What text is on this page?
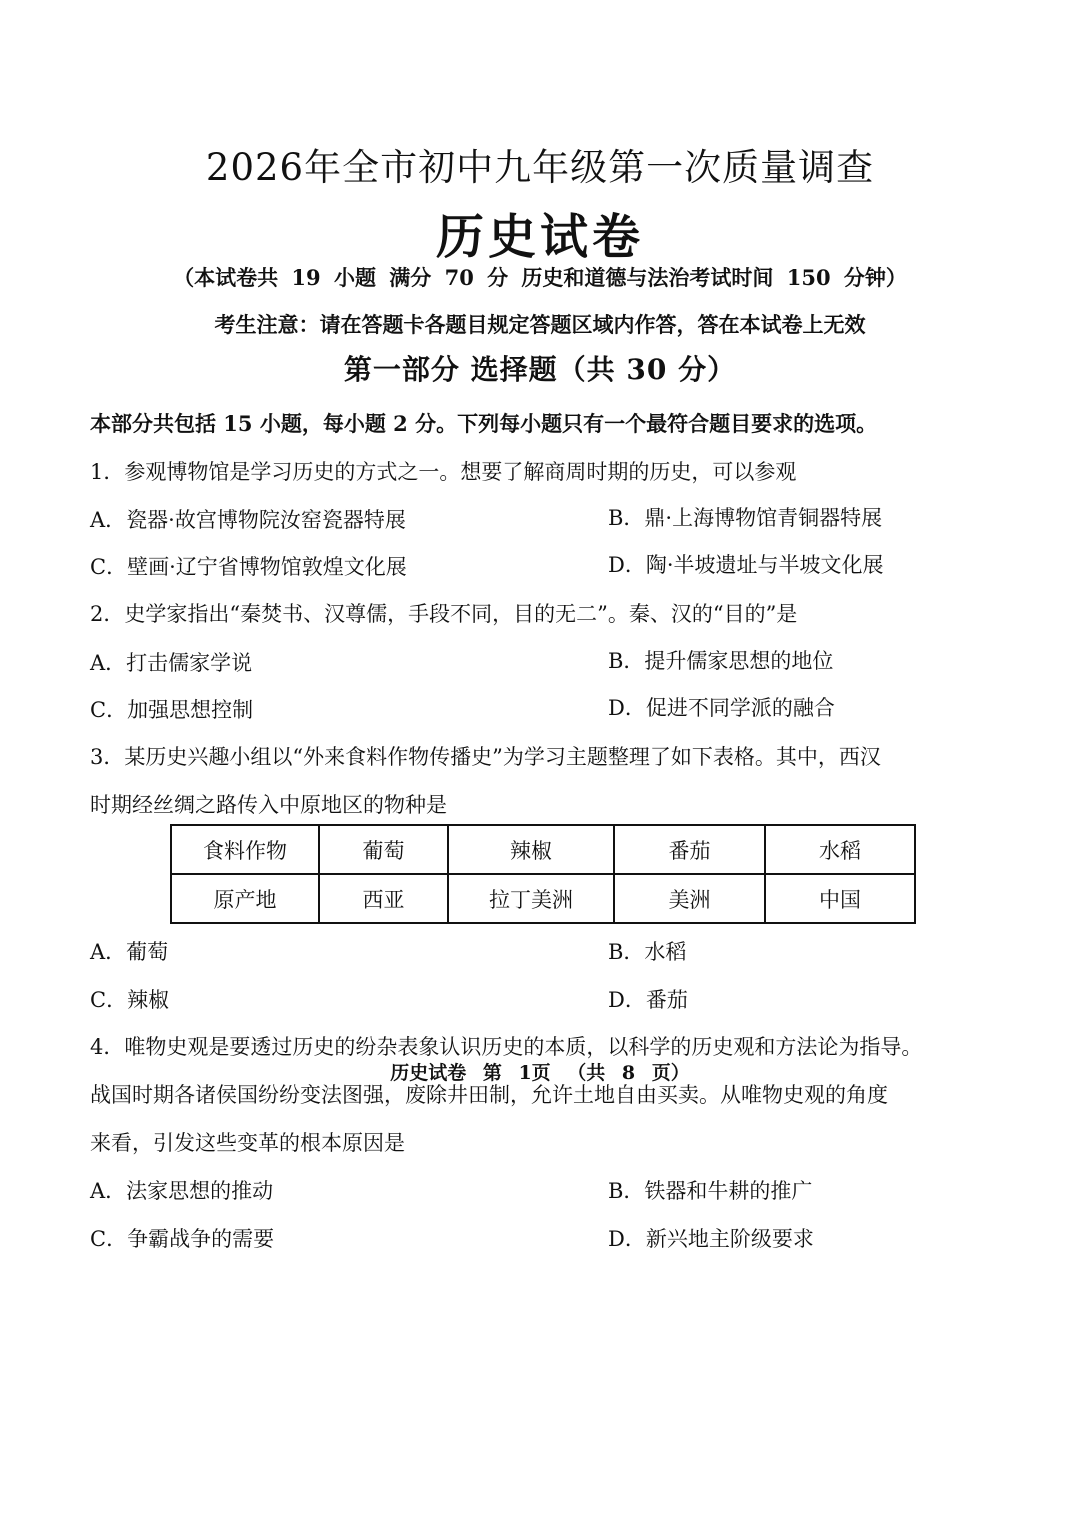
2026年全市初中九年级第一次质量调查
历史试卷
（本试卷共 19 小题 满分 70 分 历史和道德与法治考试时间 150 分钟）
考生注意：请在答题卡各题目规定答题区域内作答，答在本试卷上无效
第一部分 选择题（共 30 分）
本部分共包括 15 小题，每小题 2 分。下列每小题只有一个最符合题目要求的选项。
1．参观博物馆是学习历史的方式之一。想要了解商周时期的历史，可以参观
A．瓷器·故宫博物院汝窑瓷器特展	B．鼎·上海博物馆青铜器特展
C．壁画·辽宁省博物馆敦煌文化展	D．陶·半坡遗址与半坡文化展
2．史学家指出“秦焚书、汉尊儒，手段不同，目的无二”。秦、汉的“目的”是
A．打击儒家学说	B．提升儒家思想的地位
C．加强思想控制	D．促进不同学派的融合
3．某历史兴趣小组以“外来食料作物传播史”为学习主题整理了如下表格。其中，西汉
时期经丝绸之路传入中原地区的物种是
食料作物	葡萄	辣椒	番茄	水稻
原产地	西亚	拉丁美洲	美洲	中国
A．葡萄	B．水稻
C．辣椒	D．番茄
4．唯物史观是要透过历史的纷杂表象认识历史的本质，以科学的历史观和方法论为指导。
战国时期各诸侯国纷纷变法图强，废除井田制，允许土地自由买卖。从唯物史观的角度
来看，引发这些变革的根本原因是
A．法家思想的推动	B．铁器和牛耕的推广
C．争霸战争的需要	D．新兴地主阶级要求
历史试卷 第 1页 （共 8 页）
